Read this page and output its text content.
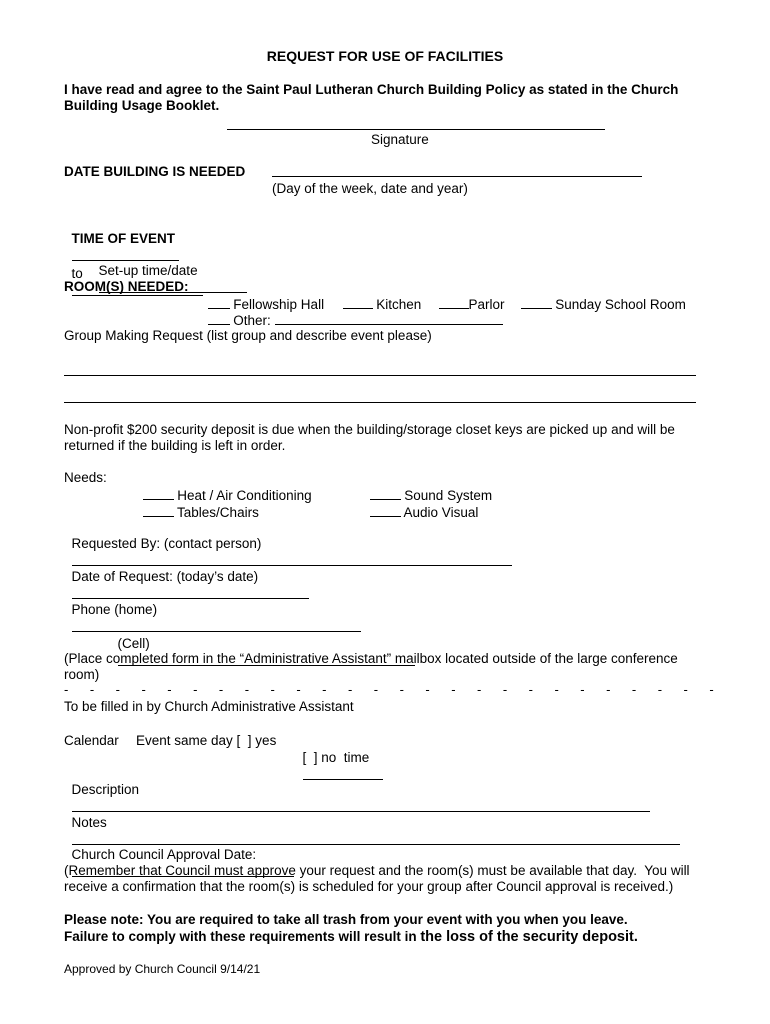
REQUEST FOR USE OF FACILITIES
I have read and agree to the Saint Paul Lutheran Church Building Policy as stated in the Church
Building Usage Booklet.
Signature
DATE BUILDING IS NEEDED
(Day of the week, date and year)

TIME OF EVENT

to
	Set-up time/date

ROOM(S) NEEDED:

Fellowship Hall	Kitchen	Parlor	Sunday School Room

Other:

Group Making Request (list group and describe event please)
Non-profit $200 security deposit is due when the building/storage closet keys are picked up and will be
returned if the building is left in order.
Needs:

Heat / Air Conditioning

Tables/Chairs

Sound System

Audio Visual

Requested By: (contact person)

Date of Request: (today’s date)

Phone (home)

(Cell)

(Place completed form in the “Administrative Assistant” mailbox located outside of the large conference
room)
- - - - - - - - - - - - - - - - - - - - - - - - - -
To be filled in by Church Administrative Assistant
Calendar Event same day [  ] yes

[  ] no  time

Description

Notes

Church Council Approval Date:

(Remember that Council must approve your request and the room(s) must be available that day.  You will
receive a confirmation that the room(s) is scheduled for your group after Council approval is received.)
Please note: You are required to take all trash from your event with you when you leave.
Failure to comply with these requirements will result in the loss of the security deposit.
Approved by Church Council 9/14/21
